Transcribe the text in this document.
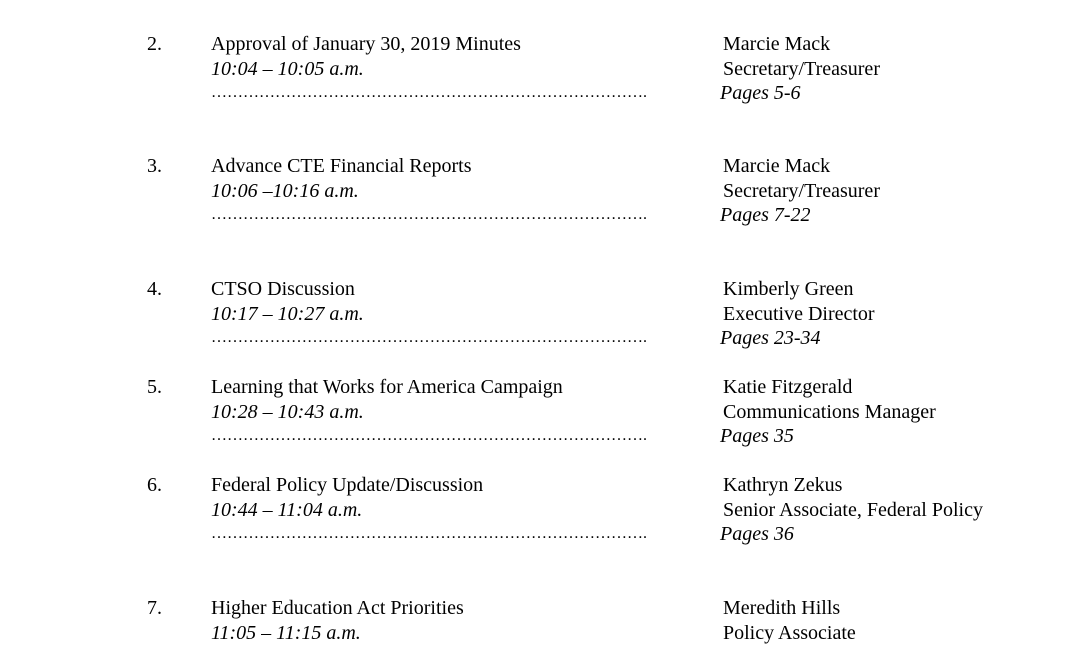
2. Approval of January 30, 2019 Minutes
10:04 – 10:05 a.m.
……………………………………………………………………….
Marcie Mack
Secretary/Treasurer
Pages 5-6
3. Advance CTE Financial Reports
10:06 –10:16 a.m.
……………………………………………………………………….
Marcie Mack
Secretary/Treasurer
Pages 7-22
4. CTSO Discussion
10:17 – 10:27 a.m.
……………………………………………………………………….
Kimberly Green
Executive Director
Pages 23-34
5. Learning that Works for America Campaign
10:28 – 10:43 a.m.
……………………………………………………………………….
Katie Fitzgerald
Communications Manager
Pages 35
6. Federal Policy Update/Discussion
10:44 – 11:04 a.m.
……………………………………………………………………….
Kathryn Zekus
Senior Associate, Federal Policy
Pages 36
7. Higher Education Act Priorities
11:05 – 11:15 a.m.
Meredith Hills
Policy Associate
